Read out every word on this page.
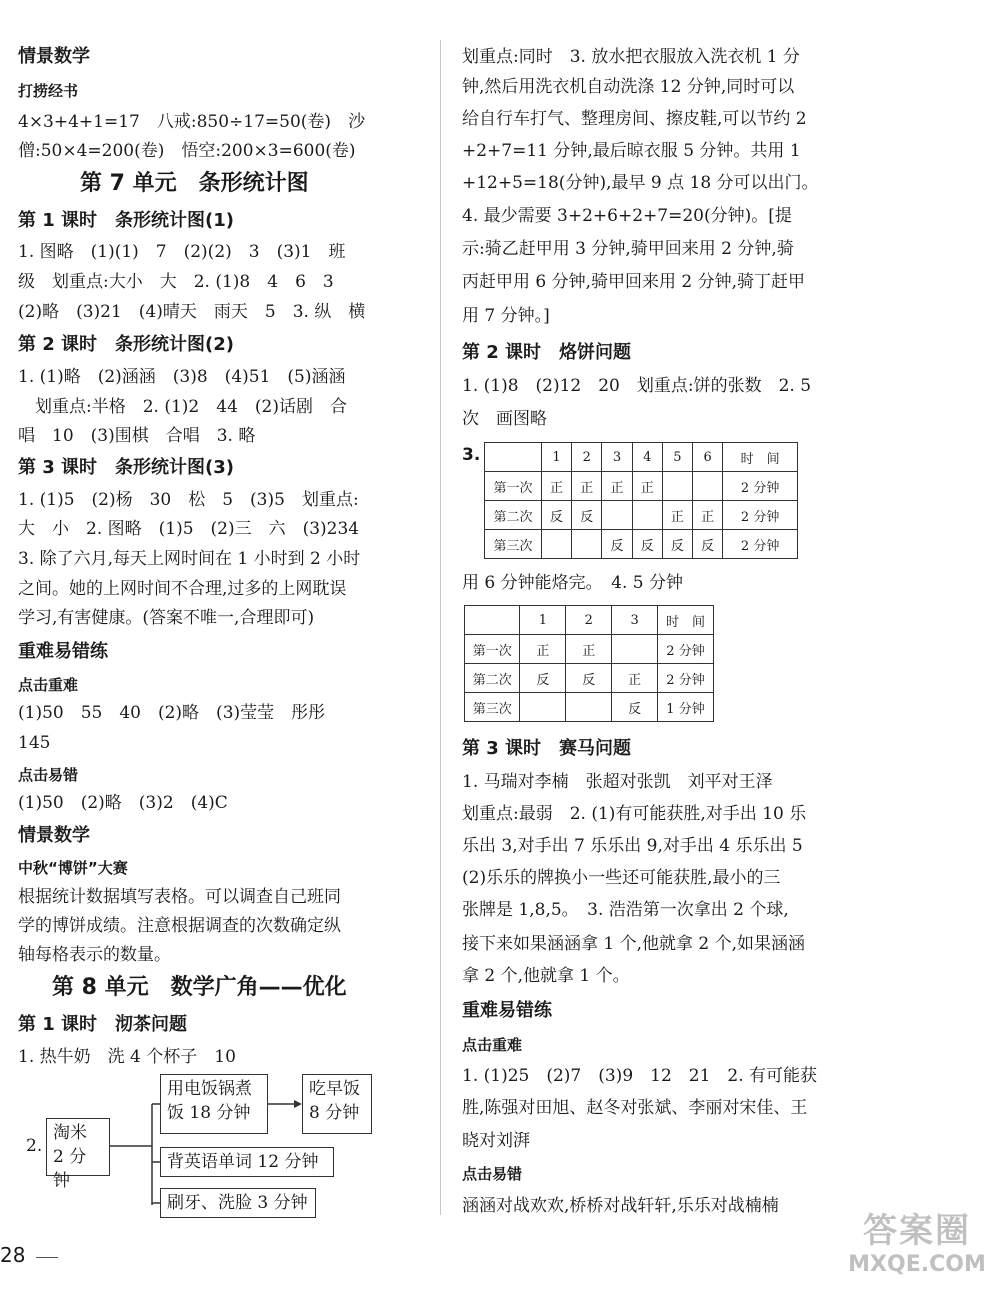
情景数学
打捞经书
4×3+4+1=17　八戒:850÷17=50(卷)　沙
僧:50×4=200(卷)　悟空:200×3=600(卷)
第 7 单元　条形统计图
第 1 课时　条形统计图(1)
1. 图略　(1)(1)　7　(2)(2)　3　(3)1　班
级　划重点:大小　大　2. (1)8　4　6　3
(2)略　(3)21　(4)晴天　雨天　5　3. 纵　横
第 2 课时　条形统计图(2)
1. (1)略　(2)涵涵　(3)8　(4)51　(5)涵涵
　划重点:半格　2. (1)2　44　(2)话剧　合
唱　10　(3)围棋　合唱　3. 略
第 3 课时　条形统计图(3)
1. (1)5　(2)杨　30　松　5　(3)5　划重点:
大　小　2. 图略　(1)5　(2)三　六　(3)234
3. 除了六月,每天上网时间在 1 小时到 2 小时
之间。她的上网时间不合理,过多的上网耽误
学习,有害健康。(答案不唯一,合理即可)
重难易错练
点击重难
(1)50　55　40　(2)略　(3)莹莹　彤彤
145
点击易错
(1)50　(2)略　(3)2　(4)C
情景数学
中秋“博饼”大赛
根据统计数据填写表格。可以调查自己班同
学的博饼成绩。注意根据调查的次数确定纵
轴每格表示的数量。
第 8 单元　数学广角——优化
第 1 课时　沏茶问题
1. 热牛奶　洗 4 个杯子　10
2.
淘米
2 分钟
用电饭锅煮
饭 18 分钟
吃早饭
8 分钟
背英语单词 12 分钟
刷牙、洗脸 3 分钟
划重点:同时　3. 放水把衣服放入洗衣机 1 分
钟,然后用洗衣机自动洗涤 12 分钟,同时可以
给自行车打气、整理房间、擦皮鞋,可以节约 2
+2+7=11 分钟,最后晾衣服 5 分钟。共用 1
+12+5=18(分钟),最早 9 点 18 分可以出门。
4. 最少需要 3+2+6+2+7=20(分钟)。[提
示:骑乙赶甲用 3 分钟,骑甲回来用 2 分钟,骑
丙赶甲用 6 分钟,骑甲回来用 2 分钟,骑丁赶甲
用 7 分钟。]
第 2 课时　烙饼问题
1. (1)8　(2)12　20　划重点:饼的张数　2. 5
次　画图略
3.
		1	2	3	4	5	6	时　间
第一次	正	正	正	正			2 分钟
第二次	反	反			正	正	2 分钟
第三次			反	反	反	反	2 分钟
用 6 分钟能烙完。　4. 5 分钟
	1	2	3	时　间
第一次	正	正		2 分钟
第二次	反	反	正	2 分钟
第三次			反	1 分钟
第 3 课时　赛马问题
1. 马瑞对李楠　张超对张凯　刘平对王泽
划重点:最弱　2. (1)有可能获胜,对手出 10 乐
乐出 3,对手出 7 乐乐出 9,对手出 4 乐乐出 5
(2)乐乐的牌换小一些还可能获胜,最小的三
张牌是 1,8,5。　3. 浩浩第一次拿出 2 个球,
接下来如果涵涵拿 1 个,他就拿 2 个,如果涵涵
拿 2 个,他就拿 1 个。
重难易错练
点击重难
1. (1)25　(2)7　(3)9　12　21　2. 有可能获
胜,陈强对田旭、赵冬对张斌、李丽对宋佳、王
晓对刘湃
点击易错
涵涵对战欢欢,桥桥对战轩轩,乐乐对战楠楠
28
答案圈
MXQE.COM
